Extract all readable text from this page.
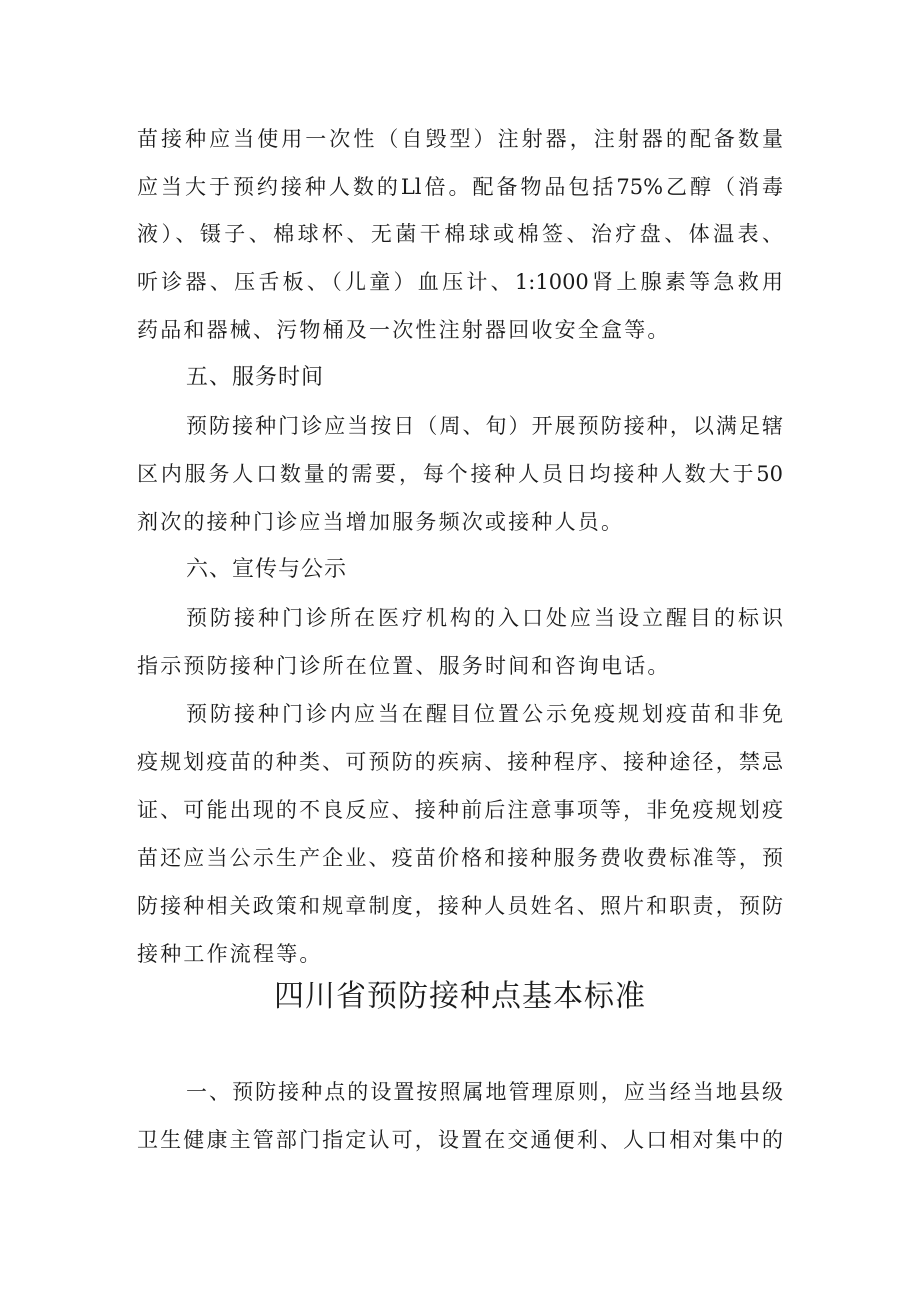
苗接种应当使用一次性（自毁型）注射器，注射器的配备数量
应当大于预约接种人数的Ll倍。配备物品包括75%乙醇（消毒
液）、镊子、棉球杯、无菌干棉球或棉签、治疗盘、体温表、
听诊器、压舌板、（儿童）血压计、1:1000肾上腺素等急救用
药品和器械、污物桶及一次性注射器回收安全盒等。
五、服务时间
预防接种门诊应当按日（周、旬）开展预防接种，以满足辖
区内服务人口数量的需要，每个接种人员日均接种人数大于50
剂次的接种门诊应当增加服务频次或接种人员。
六、宣传与公示
预防接种门诊所在医疗机构的入口处应当设立醒目的标识
指示预防接种门诊所在位置、服务时间和咨询电话。
预防接种门诊内应当在醒目位置公示免疫规划疫苗和非免
疫规划疫苗的种类、可预防的疾病、接种程序、接种途径，禁忌
证、可能出现的不良反应、接种前后注意事项等，非免疫规划疫
苗还应当公示生产企业、疫苗价格和接种服务费收费标准等，预
防接种相关政策和规章制度，接种人员姓名、照片和职责，预防
接种工作流程等。
四川省预防接种点基本标准
一、预防接种点的设置按照属地管理原则，应当经当地县级
卫生健康主管部门指定认可，设置在交通便利、人口相对集中的
